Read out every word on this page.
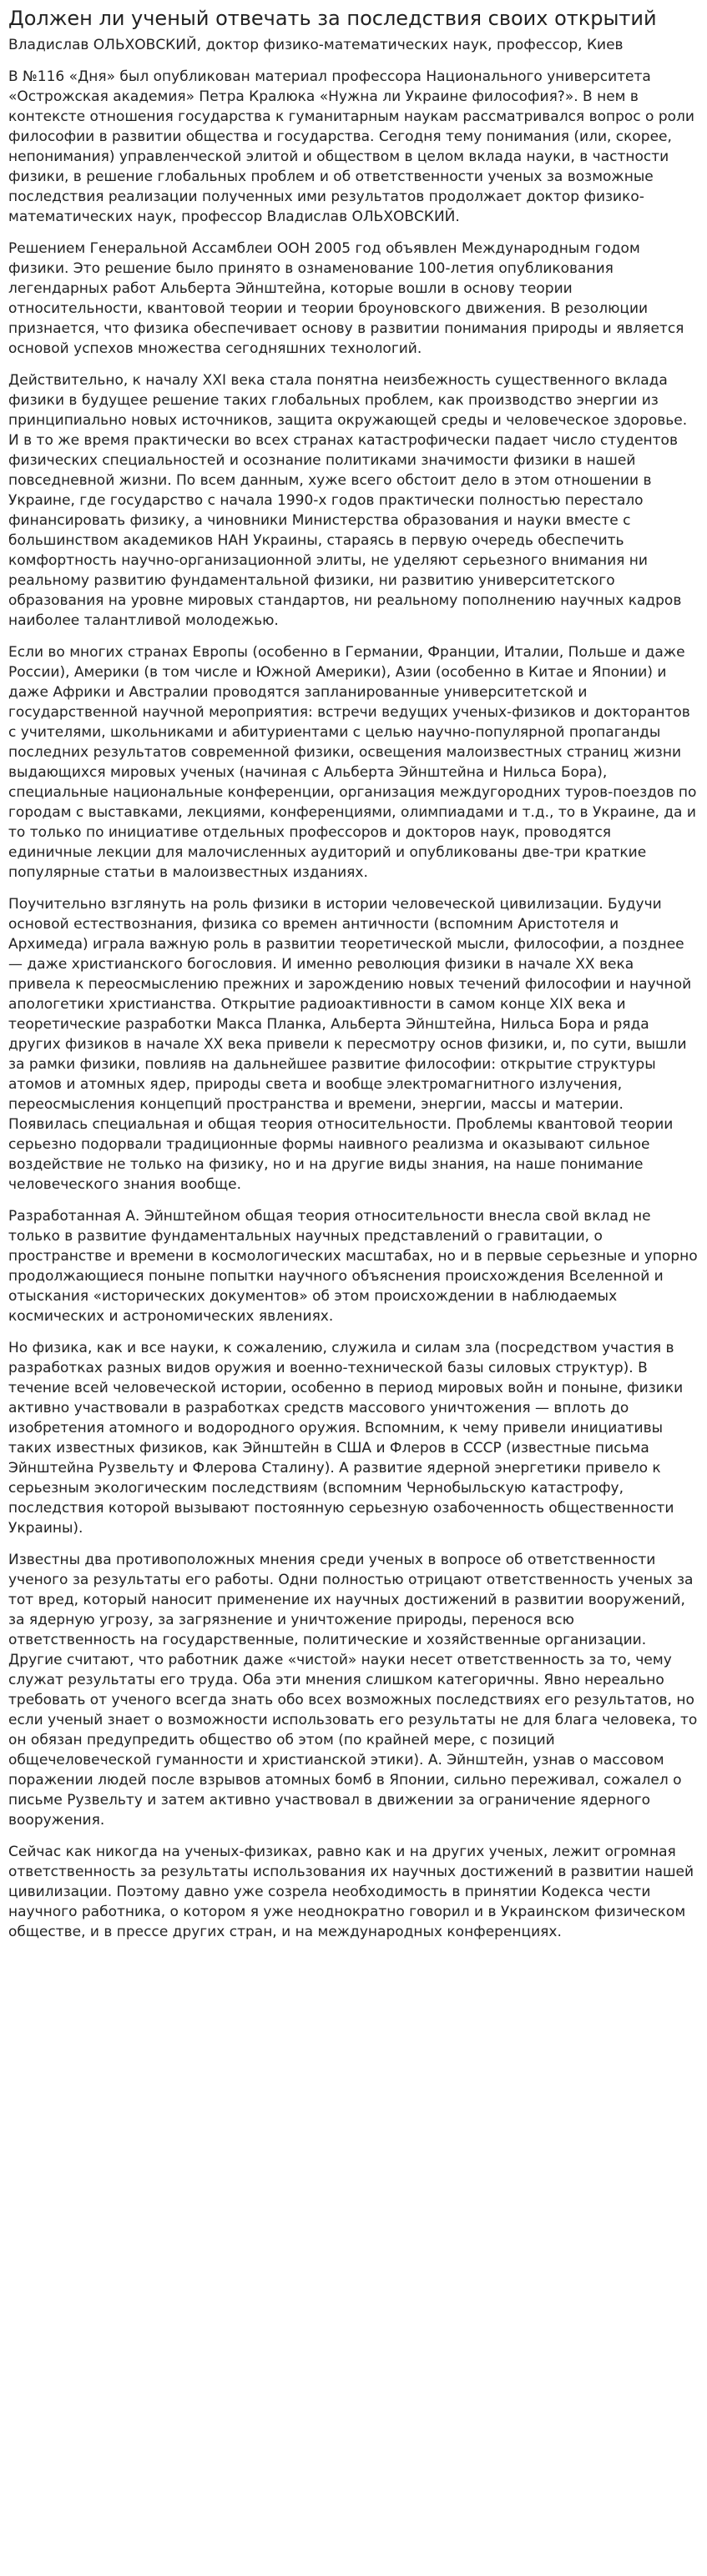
Должен ли ученый отвечать за последствия своих открытий
Владислав ОЛЬХОВСКИЙ, доктор физико-математических наук, профессор, Киев

В №116 «Дня» был опубликован материал профессора Национального университета «Острожская академия» Петра Кралюка «Нужна ли Украине философия?». В нем в контексте отношения государства к гуманитарным наукам рассматривался вопрос о роли философии в развитии общества и государства. Сегодня тему понимания (или, скорее, непонимания) управленческой элитой и обществом в целом вклада науки, в частности физики, в решение глобальных проблем и об ответственности ученых за возможные последствия реализации полученных ими результатов продолжает доктор физико- математических наук, профессор Владислав ОЛЬХОВСКИЙ.

Решением Генеральной Ассамблеи ООН 2005 год объявлен Международным годом физики. Это решение было принято в ознаменование 100-летия опубликования легендарных работ Альберта Эйнштейна, которые вошли в основу теории относительности, квантовой теории и теории броуновского движения. В резолюции признается, что физика обеспечивает основу в развитии понимания природы и является основой успехов множества сегодняшних технологий.

Действительно, к началу XXI века стала понятна неизбежность существенного вклада физики в будущее решение таких глобальных проблем, как производство энергии из принципиально новых источников, защита окружающей среды и человеческое здоровье. И в то же время практически во всех странах катастрофически падает число студентов физических специальностей и осознание политиками значимости физики в нашей повседневной жизни. По всем данным, хуже всего обстоит дело в этом отношении в Украине, где государство с начала 1990-х годов практически полностью перестало финансировать физику, а чиновники Министерства образования и науки вместе с большинством академиков НАН Украины, стараясь в первую очередь обеспечить комфортность научно-организационной элиты, не уделяют серьезного внимания ни реальному развитию фундаментальной физики, ни развитию университетского образования на уровне мировых стандартов, ни реальному пополнению научных кадров наиболее талантливой молодежью.

Если во многих странах Европы (особенно в Германии, Франции, Италии, Польше и даже России), Америки (в том числе и Южной Америки), Азии (особенно в Китае и Японии) и даже Африки и Австралии проводятся запланированные университетской и государственной научной мероприятия: встречи ведущих ученых-физиков и докторантов с учителями, школьниками и абитуриентами с целью научно-популярной пропаганды последних результатов современной физики, освещения малоизвестных страниц жизни выдающихся мировых ученых (начиная с Альберта Эйнштейна и Нильса Бора), специальные национальные конференции, организация междугородних туров-поездов по городам с выставками, лекциями, конференциями, олимпиадами и т.д., то в Украине, да и то только по инициативе отдельных профессоров и докторов наук, проводятся единичные лекции для малочисленных аудиторий и опубликованы две-три краткие популярные статьи в малоизвестных изданиях.

Поучительно взглянуть на роль физики в истории человеческой цивилизации. Будучи основой естествознания, физика со времен античности (вспомним Аристотеля и Архимеда) играла важную роль в развитии теоретической мысли, философии, а позднее — даже христианского богословия. И именно революция физики в начале XX века привела к переосмыслению прежних и зарождению новых течений философии и научной апологетики христианства. Открытие радиоактивности в самом конце XIX века и теоретические разработки Макса Планка, Альберта Эйнштейна, Нильса Бора и ряда других физиков в начале XX века привели к пересмотру основ физики, и, по сути, вышли за рамки физики, повлияв на дальнейшее развитие философии: открытие структуры атомов и атомных ядер, природы света и вообще электромагнитного излучения, переосмысления концепций пространства и времени, энергии, массы и материи. Появилась специальная и общая теория относительности. Проблемы квантовой теории серьезно подорвали традиционные формы наивного реализма и оказывают сильное воздействие не только на физику, но и на другие виды знания, на наше понимание человеческого знания вообще.

Разработанная А. Эйнштейном общая теория относительности внесла свой вклад не только в развитие фундаментальных научных представлений о гравитации, о пространстве и времени в космологических масштабах, но и в первые серьезные и упорно продолжающиеся поныне попытки научного объяснения происхождения Вселенной и отыскания «исторических документов» об этом происхождении в наблюдаемых космических и астрономических явлениях.

Но физика, как и все науки, к сожалению, служила и силам зла (посредством участия в разработках разных видов оружия и военно-технической базы силовых структур). В течение всей человеческой истории, особенно в период мировых войн и поныне, физики активно участвовали в разработках средств массового уничтожения — вплоть до изобретения атомного и водородного оружия. Вспомним, к чему привели инициативы таких известных физиков, как Эйнштейн в США и Флеров в СССР (известные письма Эйнштейна Рузвельту и Флерова Сталину). А развитие ядерной энергетики привело к серьезным экологическим последствиям (вспомним Чернобыльскую катастрофу, последствия которой вызывают постоянную серьезную озабоченность общественности Украины).

Известны два противоположных мнения среди ученых в вопросе об ответственности ученого за результаты его работы. Одни полностью отрицают ответственность ученых за тот вред, который наносит применение их научных достижений в развитии вооружений, за ядерную угрозу, за загрязнение и уничтожение природы, перенося всю ответственность на государственные, политические и хозяйственные организации. Другие считают, что работник даже «чистой» науки несет ответственность за то, чему служат результаты его труда. Оба эти мнения слишком категоричны. Явно нереально требовать от ученого всегда знать обо всех возможных последствиях его результатов, но если ученый знает о возможности использовать его результаты не для блага человека, то он обязан предупредить общество об этом (по крайней мере, с позиций общечеловеческой гуманности и христианской этики). А. Эйнштейн, узнав о массовом поражении людей после взрывов атомных бомб в Японии, сильно переживал, сожалел о письме Рузвельту и затем активно участвовал в движении за ограничение ядерного вооружения.

Сейчас как никогда на ученых-физиках, равно как и на других ученых, лежит огромная ответственность за результаты использования их научных достижений в развитии нашей цивилизации. Поэтому давно уже созрела необходимость в принятии Кодекса чести научного работника, о котором я уже неоднократно говорил и в Украинском физическом обществе, и в прессе других стран, и на международных конференциях.
